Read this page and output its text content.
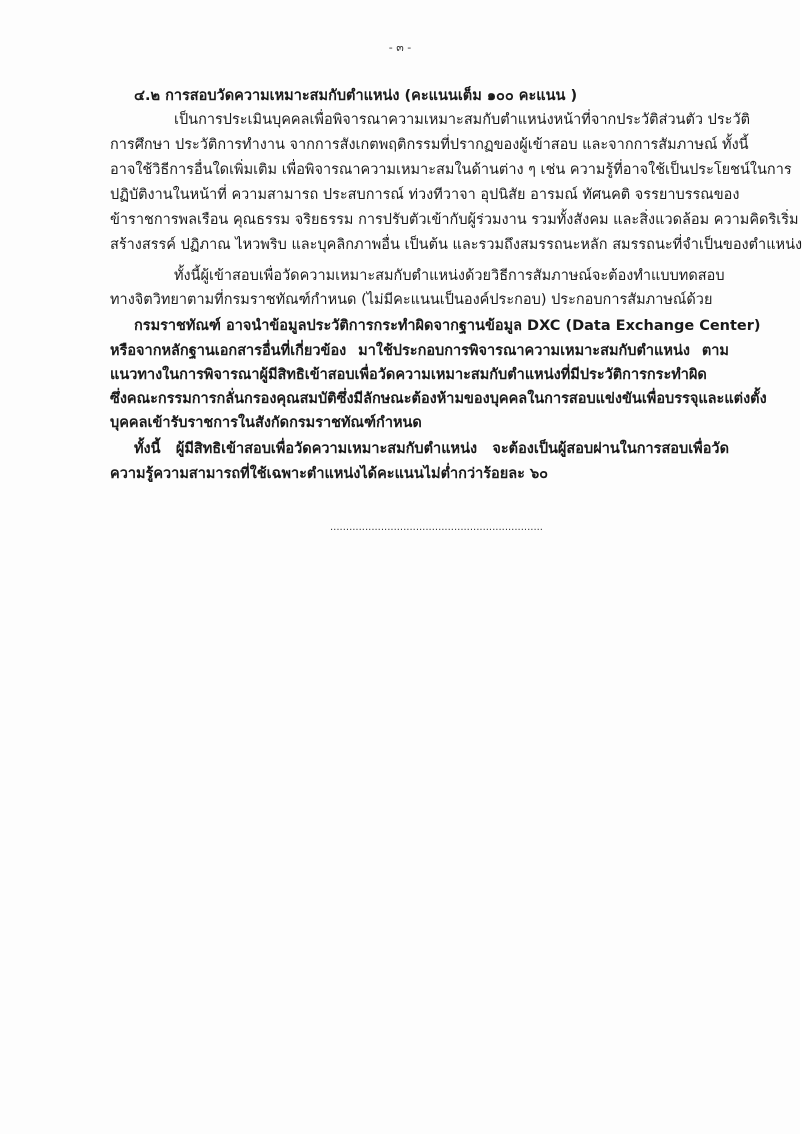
- ๓ -
๔.๒ การสอบวัดความเหมาะสมกับตำแหน่ง (คะแนนเต็ม ๑๐๐ คะแนน )
เป็นการประเมินบุคคลเพื่อพิจารณาความเหมาะสมกับตำแหน่งหน้าที่จากประวัติส่วนตัว ประวัติ
การศึกษา ประวัติการทำงาน จากการสังเกตพฤติกรรมที่ปรากฏของผู้เข้าสอบ และจากการสัมภาษณ์ ทั้งนี้
อาจใช้วิธีการอื่นใดเพิ่มเติม เพื่อพิจารณาความเหมาะสมในด้านต่าง ๆ เช่น ความรู้ที่อาจใช้เป็นประโยชน์ในการ
ปฏิบัติงานในหน้าที่ ความสามารถ ประสบการณ์ ท่วงทีวาจา อุปนิสัย อารมณ์ ทัศนคติ จรรยาบรรณของ
ข้าราชการพลเรือน คุณธรรม จริยธรรม การปรับตัวเข้ากับผู้ร่วมงาน รวมทั้งสังคม และสิ่งแวดล้อม ความคิดริเริ่ม
สร้างสรรค์ ปฏิภาณ ไหวพริบ และบุคลิกภาพอื่น เป็นต้น และรวมถึงสมรรถนะหลัก สมรรถนะที่จำเป็นของตำแหน่ง
ทั้งนี้ผู้เข้าสอบเพื่อวัดความเหมาะสมกับตำแหน่งด้วยวิธีการสัมภาษณ์จะต้องทำแบบทดสอบ
ทางจิตวิทยาตามที่กรมราชทัณฑ์กำหนด (ไม่มีคะแนนเป็นองค์ประกอบ) ประกอบการสัมภาษณ์ด้วย
กรมราชทัณฑ์ อาจนำข้อมูลประวัติการกระทำผิดจากฐานข้อมูล DXC (Data Exchange Center)
หรือจากหลักฐานเอกสารอื่นที่เกี่ยวข้อง มาใช้ประกอบการพิจารณาความเหมาะสมกับตำแหน่ง ตาม
แนวทางในการพิจารณาผู้มีสิทธิเข้าสอบเพื่อวัดความเหมาะสมกับตำแหน่งที่มีประวัติการกระทำผิด
ซึ่งคณะกรรมการกลั่นกรองคุณสมบัติซึ่งมีลักษณะต้องห้ามของบุคคลในการสอบแข่งขันเพื่อบรรจุและแต่งตั้ง
บุคคลเข้ารับราชการในสังกัดกรมราชทัณฑ์กำหนด
ทั้งนี้ ผู้มีสิทธิเข้าสอบเพื่อวัดความเหมาะสมกับตำแหน่ง จะต้องเป็นผู้สอบผ่านในการสอบเพื่อวัด
ความรู้ความสามารถที่ใช้เฉพาะตำแหน่งได้คะแนนไม่ต่ำกว่าร้อยละ ๖๐
...................................................................
